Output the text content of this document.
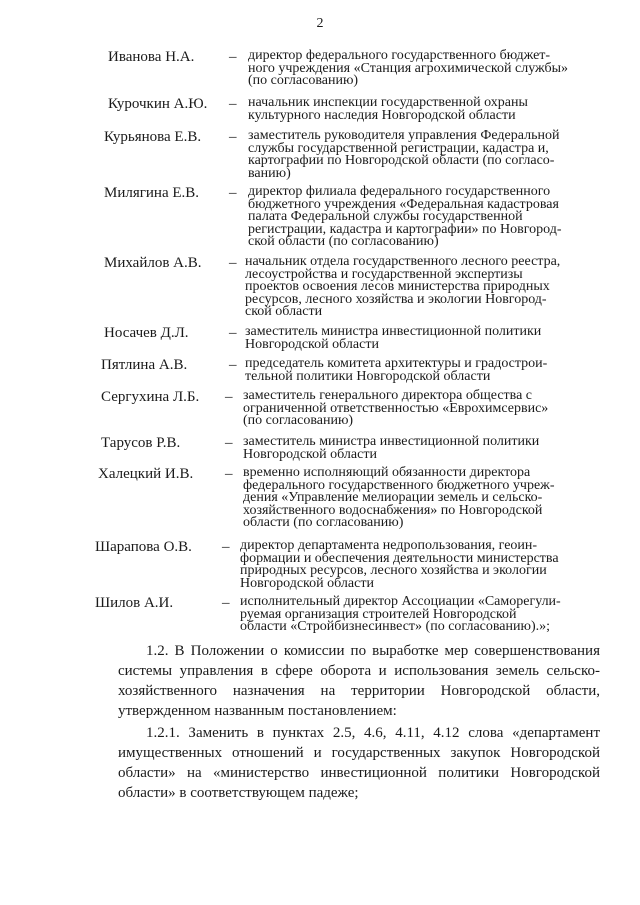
2
Иванова Н.А. – директор федерального государственного бюджет-
ного учреждения «Станция агрохимической службы»
(по согласованию)
Курочкин А.Ю. – начальник инспекции государственной охраны
культурного наследия Новгородской области
Курьянова Е.В. – заместитель руководителя управления Федеральной
службы государственной регистрации, кадастра и,
картографии по Новгородской области (по согласо-
ванию)
Милягина Е.В. – директор филиала федерального государственного
бюджетного учреждения «Федеральная кадастровая
палата Федеральной службы государственной
регистрации, кадастра и картографии» по Новгород-
ской области (по согласованию)
Михайлов А.В. – начальник отдела государственного лесного реестра,
лесоустройства и государственной экспертизы
проектов освоения лесов министерства природных
ресурсов, лесного хозяйства и экологии Новгород-
ской области
Носачев Д.Л.	– заместитель министра инвестиционной политики
Новгородской области
Пятлина А.В.	– председатель комитета архитектуры и градострои-
тельной политики Новгородской области
Сергухина Л.Б. – заместитель генерального директора общества с
ограниченной ответственностью «Еврохимсервис»
(по согласованию)
Тарусов Р.В.	– заместитель министра инвестиционной политики
Новгородской области
Халецкий И.В. – временно исполняющий обязанности директора
федерального государственного бюджетного учреж-
дения «Управление мелиорации земель и сельско-
хозяйственного водоснабжения» по Новгородской
области (по согласованию)
Шарапова О.В. – директор департамента недропользования, геоин-
формации и обеспечения деятельности министерства
природных ресурсов, лесного хозяйства и экологии
Новгородской области
Шилов А.И.	– исполнительный директор Ассоциации «Саморегули-
руемая организация строителей Новгородской
области «Стройбизнесинвест» (по согласованию).»;

1.2. В Положении о комиссии по выработке мер совершенствования системы управления в сфере оборота и использования земель сельско-хозяйственного назначения на территории Новгородской области, утвержденном названным постановлением:

1.2.1. Заменить в пунктах 2.5, 4.6, 4.11, 4.12 слова «департамент имущественных отношений и государственных закупок Новгородской области» на «министерство инвестиционной политики Новгородской области» в соответствующем падеже;
